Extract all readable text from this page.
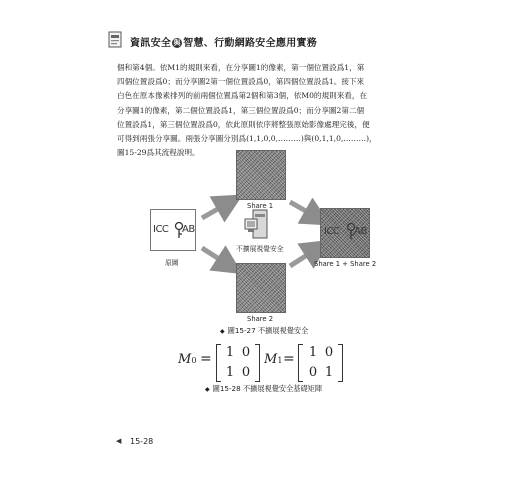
資訊安全 與 智慧、行動網路安全應用實務
個和第4個。依M1的規則來看，在分享圖1的像素，第一個位置設爲1，第
四個位置設爲0；而分享圖2第一個位置設爲0，第四個位置設爲1。接下來
白色在原本像素排列的前兩個位置爲第2個和第3個，依M0的規則來看，在
分享圖1的像素，第二個位置設爲1，第三個位置設爲0；而分享圖2第二個
位置設爲1，第三個位置設爲0，依此原則依序將整張原始影像處理完後，便
可得到兩張分享圖。兩張分享圖分別爲(1,1,0,0,………)與(0,1,1,0,………)，
圖15-29爲其流程說明。
ICC AB
原圖
Share 1
不擴展視覺安全
Share 2
ICC AB
Share 1 + Share 2
◆ 圖15-27 不擴展視覺安全
M0 = 1 0
1 0
M1 = 1 0
0 1
◆ 圖15-28 不擴展視覺安全基礎矩陣
◀ 15-28
